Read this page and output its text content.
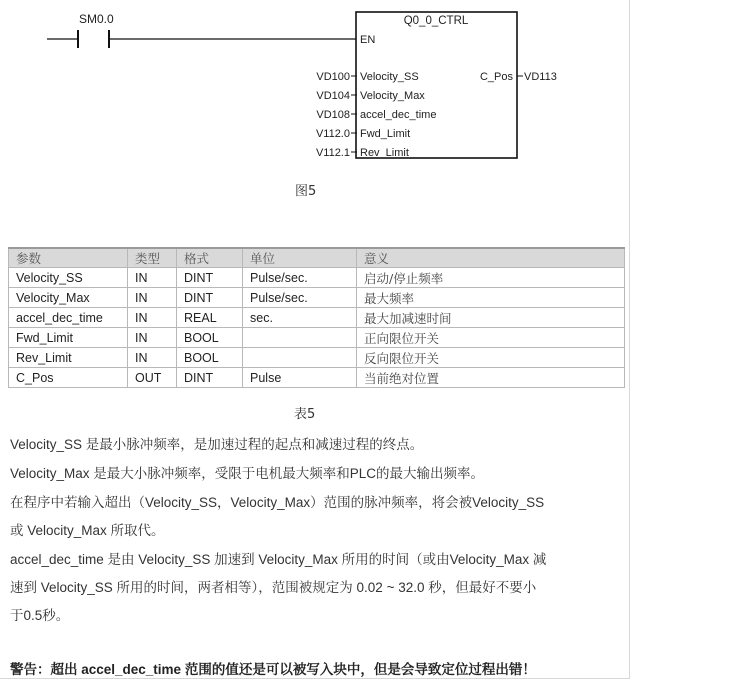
SM0.0	Q0_0_CTRL
EN
VD100 Velocity_SS
VD104 Velocity_Max
VD108 accel_dec_time
V112.0 Fwd_Limit
V112.1 Rev_Limit
C_Pos VD113
图5
参数	类型	格式	单位	意义
Velocity_SS	IN	DINT	Pulse/sec.	启动/停止频率
Velocity_Max	IN	DINT	Pulse/sec.	最大频率
accel_dec_time	IN	REAL	sec.	最大加减速时间
Fwd_Limit	IN	BOOL		正向限位开关
Rev_Limit	IN	BOOL		反向限位开关
C_Pos	OUT	DINT	Pulse	当前绝对位置
表5
Velocity_SS 是最小脉冲频率，是加速过程的起点和减速过程的终点。
Velocity_Max 是最大小脉冲频率，受限于电机最大频率和PLC的最大输出频率。
在程序中若输入超出（Velocity_SS，Velocity_Max）范围的脉冲频率，将会被Velocity_SS
或 Velocity_Max 所取代。
accel_dec_time 是由 Velocity_SS 加速到 Velocity_Max 所用的时间（或由Velocity_Max 减
速到 Velocity_SS 所用的时间，两者相等），范围被规定为 0.02 ~ 32.0 秒，但最好不要小
于0.5秒。
警告：超出 accel_dec_time 范围的值还是可以被写入块中，但是会导致定位过程出错！
